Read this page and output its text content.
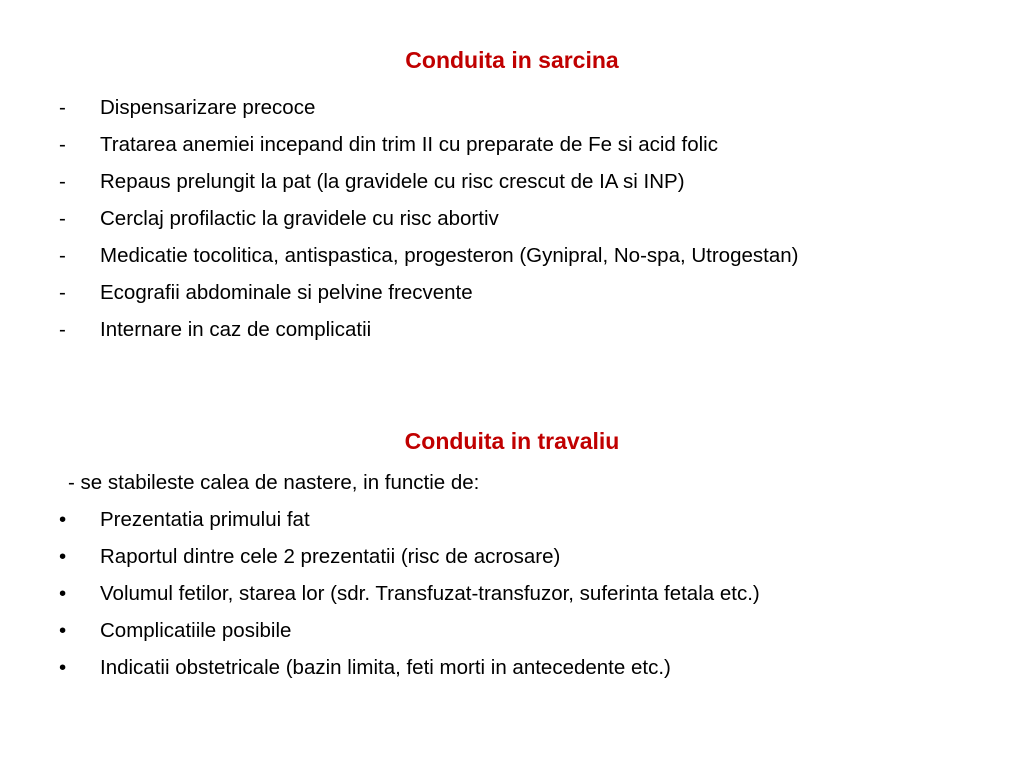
Conduita in sarcina
-	Dispensarizare precoce
-	Tratarea anemiei incepand din trim II cu preparate de Fe si acid folic
-	Repaus prelungit la pat (la gravidele cu risc crescut de IA si INP)
-	Cerclaj profilactic la gravidele cu risc abortiv
-	Medicatie tocolitica, antispastica, progesteron (Gynipral, No-spa, Utrogestan)
-	Ecografii abdominale si pelvine frecvente
-	Internare in caz de complicatii
Conduita in travaliu

- se stabileste calea de nastere, in functie de:

•	Prezentatia primului fat
•	Raportul dintre cele 2 prezentatii (risc de acrosare)
•	Volumul fetilor, starea lor (sdr. Transfuzat-transfuzor, suferinta fetala etc.)
•	Complicatiile posibile
•	Indicatii obstetricale (bazin limita, feti morti in antecedente etc.)
